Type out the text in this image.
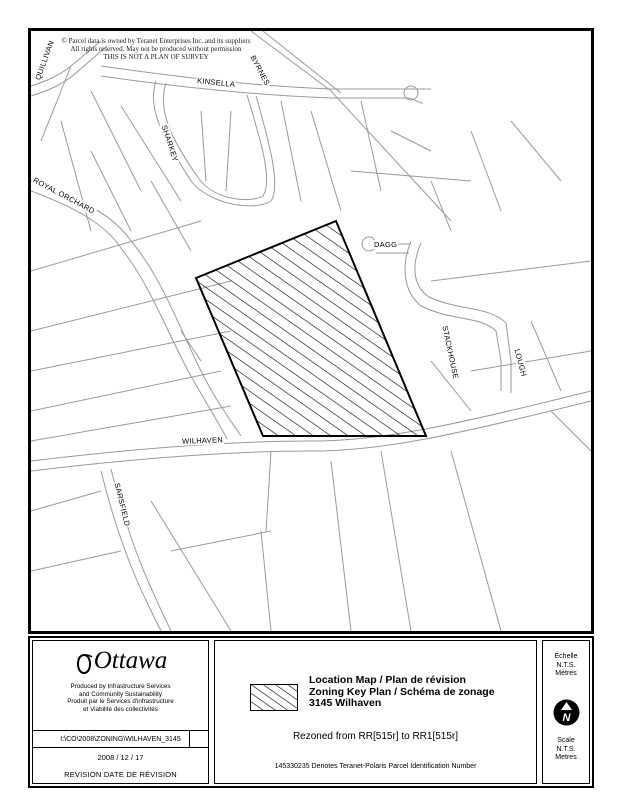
© Parcel data is owned by Teranet Enterprises Inc. and its suppliers
All rights reserved. May not be produced without permission
THIS IS NOT A PLAN OF SURVEY
QUILLIVAN	BYRNES
KINSELLA
SHARKEY
ROYAL ORCHARD
DAGG
STACKHOUSE	LOUGH
WILHAVEN
SARSFIELD
Ottawa
Produced by Infrastructure Services
and Community Sustainability
Produit par le Services d'infrastructure
et Viabilité des collectivités
I:\CO\2008\ZONING\WILHAVEN_3145
2008 / 12 / 17
REVISION DATE DE RÉVISION
Location Map / Plan de révision
Zoning Key Plan / Schéma de zonage
3145 Wilhaven
Rezoned from RR[515r] to RR1[515r]
145330235 Denotes Teranet-Polaris Parcel Identification Number
Échelle
N.T.S.
Mètres
N
Scale
N.T.S.
Metres
